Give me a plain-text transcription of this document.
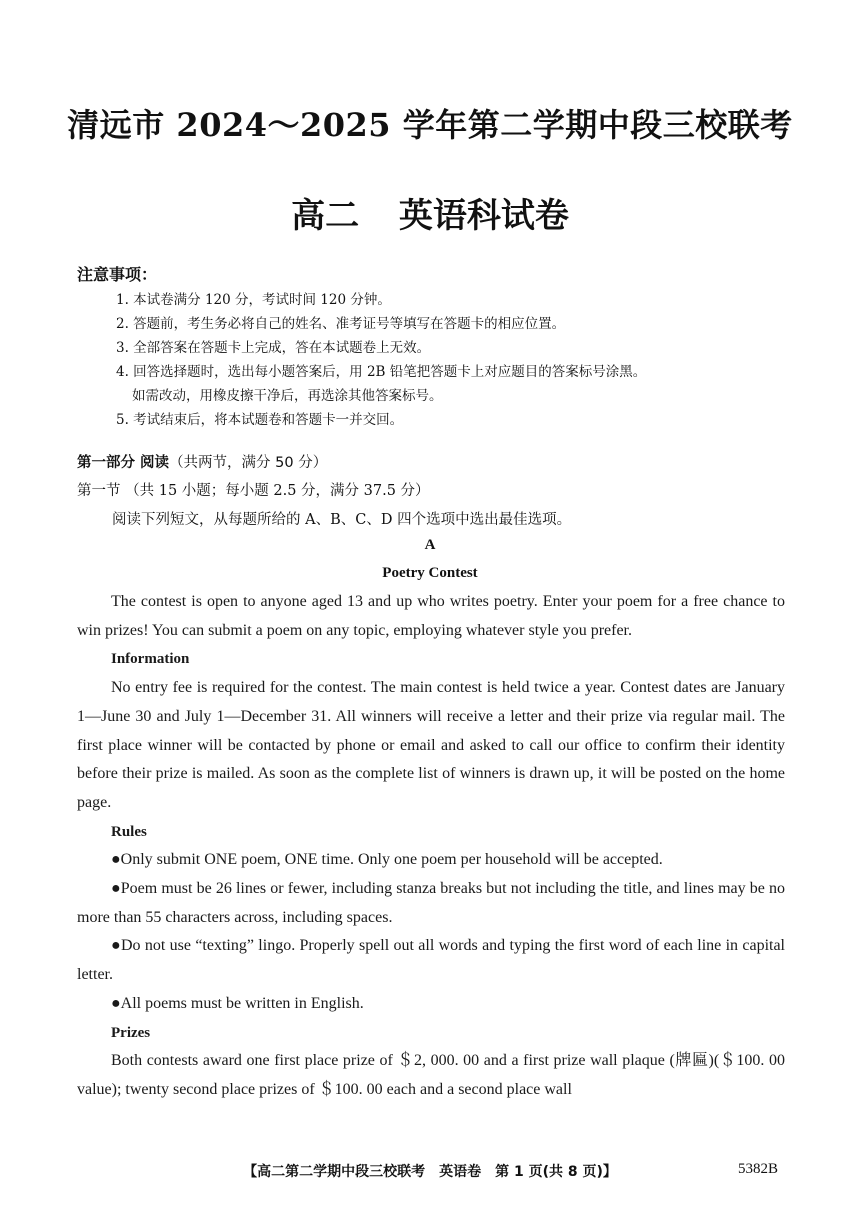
清远市 2024～2025 学年第二学期中段三校联考
高二 英语科试卷
注意事项：
1. 本试卷满分 120 分，考试时间 120 分钟。
2. 答题前，考生务必将自己的姓名、准考证号等填写在答题卡的相应位置。
3. 全部答案在答题卡上完成，答在本试题卷上无效。
4. 回答选择题时，选出每小题答案后，用 2B 铅笔把答题卡上对应题目的答案标号涂黑。
如需改动，用橡皮擦干净后，再选涂其他答案标号。
5. 考试结束后，将本试题卷和答题卡一并交回。
第一部分 阅读（共两节，满分 50 分）
第一节 （共 15 小题；每小题 2.5 分，满分 37.5 分）
阅读下列短文，从每题所给的 A、B、C、D 四个选项中选出最佳选项。
A
Poetry Contest

The contest is open to anyone aged 13 and up who writes poetry. Enter your poem for a free chance to win prizes! You can submit a poem on any topic, employing whatever style you prefer.

Information

No entry fee is required for the contest. The main contest is held twice a year. Contest dates are January 1—June 30 and July 1—December 31. All winners will receive a letter and their prize via regular mail. The first place winner will be contacted by phone or email and asked to call our office to confirm their identity before their prize is mailed. As soon as the complete list of winners is drawn up, it will be posted on the home page.

Rules

●Only submit ONE poem, ONE time. Only one poem per household will be accepted.

●Poem must be 26 lines or fewer, including stanza breaks but not including the title, and lines may be no more than 55 characters across, including spaces.

●Do not use “texting” lingo. Properly spell out all words and typing the first word of each line in capital letter.

●All poems must be written in English.

Prizes

Both contests award one first place prize of ＄2, 000. 00 and a first prize wall plaque (牌匾)(＄100. 00 value); twenty second place prizes of ＄100. 00 each and a second place wall

【高二第二学期中段三校联考　英语卷　第 1 页(共 8 页)】	5382B
